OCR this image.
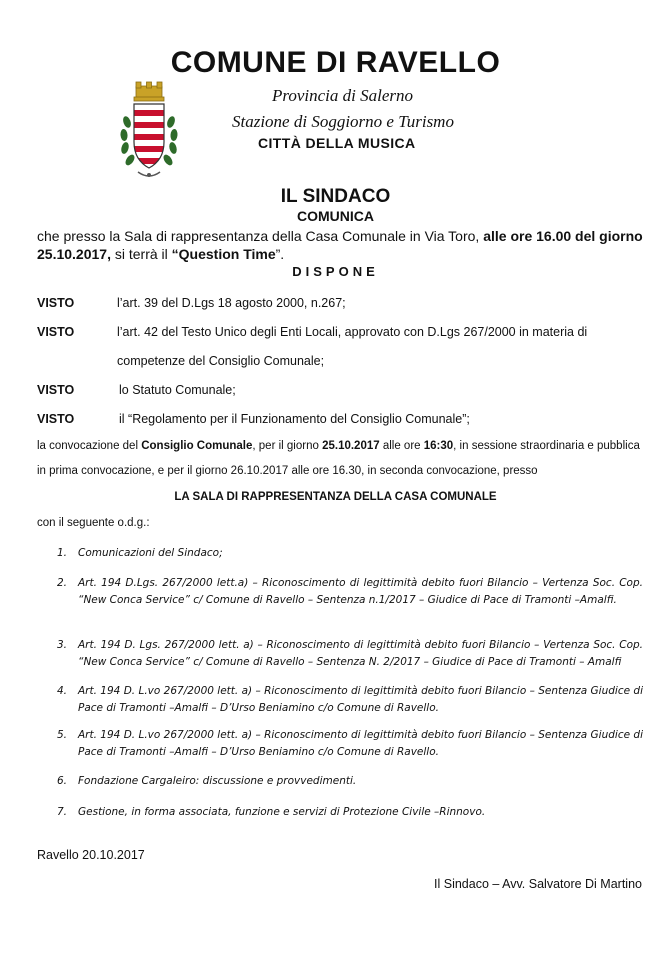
COMUNE DI RAVELLO
Provincia di Salerno
Stazione di Soggiorno e Turismo
CITTÀ DELLA MUSICA
IL SINDACO
COMUNICA
che presso la Sala di rappresentanza della Casa Comunale in Via Toro, alle ore 16.00 del giorno 25.10.2017, si terrà il “Question Time”.
DISPONE
VISTO	l’art. 39 del D.Lgs 18 agosto 2000, n.267;
VISTO	l’art. 42 del Testo Unico degli Enti Locali, approvato con D.Lgs 267/2000 in materia di
competenze del Consiglio Comunale;
VISTO	lo Statuto Comunale;
VISTO	il “Regolamento per il Funzionamento del Consiglio Comunale”;
la convocazione del Consiglio Comunale, per il giorno 25.10.2017 alle ore 16:30, in sessione straordinaria e pubblica
in prima convocazione, e per il giorno 26.10.2017 alle ore 16.30, in seconda convocazione, presso
LA SALA DI RAPPRESENTANZA DELLA CASA COMUNALE
con il seguente o.d.g.:
1. Comunicazioni del Sindaco;
2. Art. 194 D.Lgs. 267/2000 lett.a) – Riconoscimento di legittimità debito fuori Bilancio – Vertenza Soc. Cop. “New Conca Service” c/ Comune di Ravello – Sentenza n.1/2017 – Giudice di Pace di Tramonti –Amalfi.
3. Art. 194 D. Lgs. 267/2000 lett. a) – Riconoscimento di legittimità debito fuori Bilancio – Vertenza Soc. Cop. “New Conca Service” c/ Comune di Ravello – Sentenza N. 2/2017 – Giudice di Pace di Tramonti – Amalfi
4. Art. 194 D. L.vo 267/2000 lett. a) – Riconoscimento di legittimità debito fuori Bilancio – Sentenza Giudice di Pace di Tramonti –Amalfi – D’Urso Beniamino c/o Comune di Ravello.
5. Art. 194 D. L.vo 267/2000 lett. a) – Riconoscimento di legittimità debito fuori Bilancio – Sentenza Giudice di Pace di Tramonti –Amalfi – D’Urso Beniamino c/o Comune di Ravello.
6. Fondazione Cargaleiro: discussione e provvedimenti.
7. Gestione, in forma associata, funzione e servizi di Protezione Civile –Rinnovo.
Ravello 20.10.2017
Il Sindaco – Avv. Salvatore Di Martino
